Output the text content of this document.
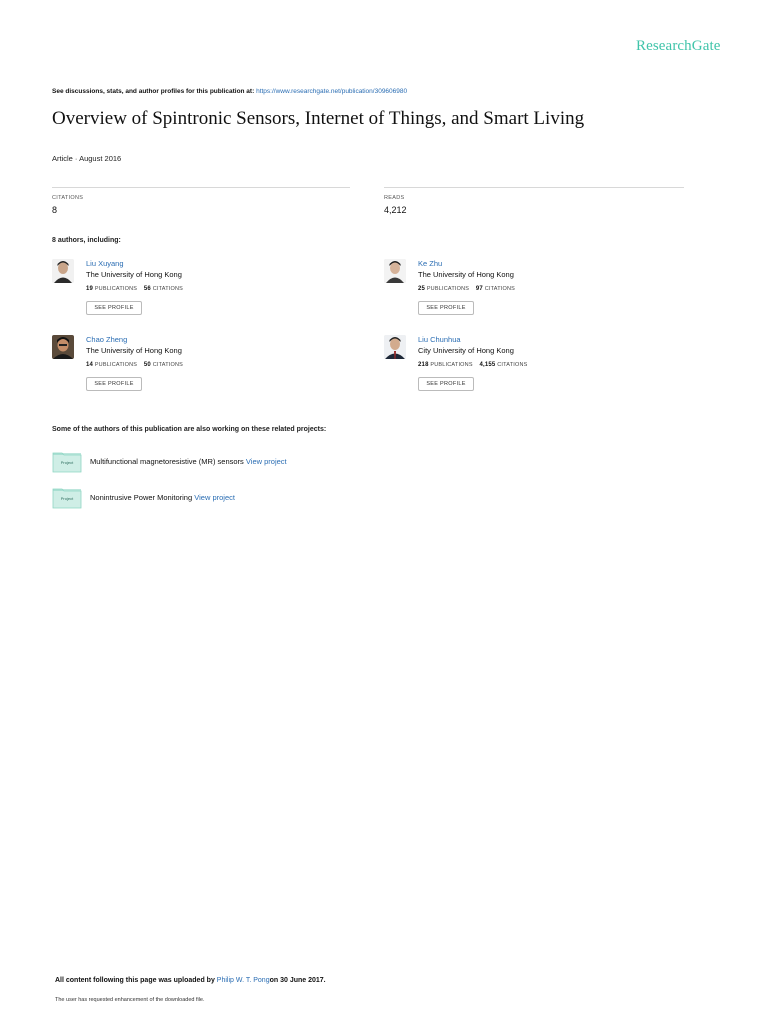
ResearchGate
See discussions, stats, and author profiles for this publication at: https://www.researchgate.net/publication/309606980
Overview of Spintronic Sensors, Internet of Things, and Smart Living
Article · August 2016
CITATIONS
8
READS
4,212
8 authors, including:
Liu Xuyang
The University of Hong Kong
19 PUBLICATIONS 56 CITATIONS
SEE PROFILE
Ke Zhu
The University of Hong Kong
25 PUBLICATIONS 97 CITATIONS
SEE PROFILE
Chao Zheng
The University of Hong Kong
14 PUBLICATIONS 50 CITATIONS
SEE PROFILE
Liu Chunhua
City University of Hong Kong
218 PUBLICATIONS 4,155 CITATIONS
SEE PROFILE
Some of the authors of this publication are also working on these related projects:
Project	Multifunctional magnetoresistive (MR) sensors View project
Project	Nonintrusive Power Monitoring View project
All content following this page was uploaded by Philip W. T. Pongon 30 June 2017.
The user has requested enhancement of the downloaded file.
